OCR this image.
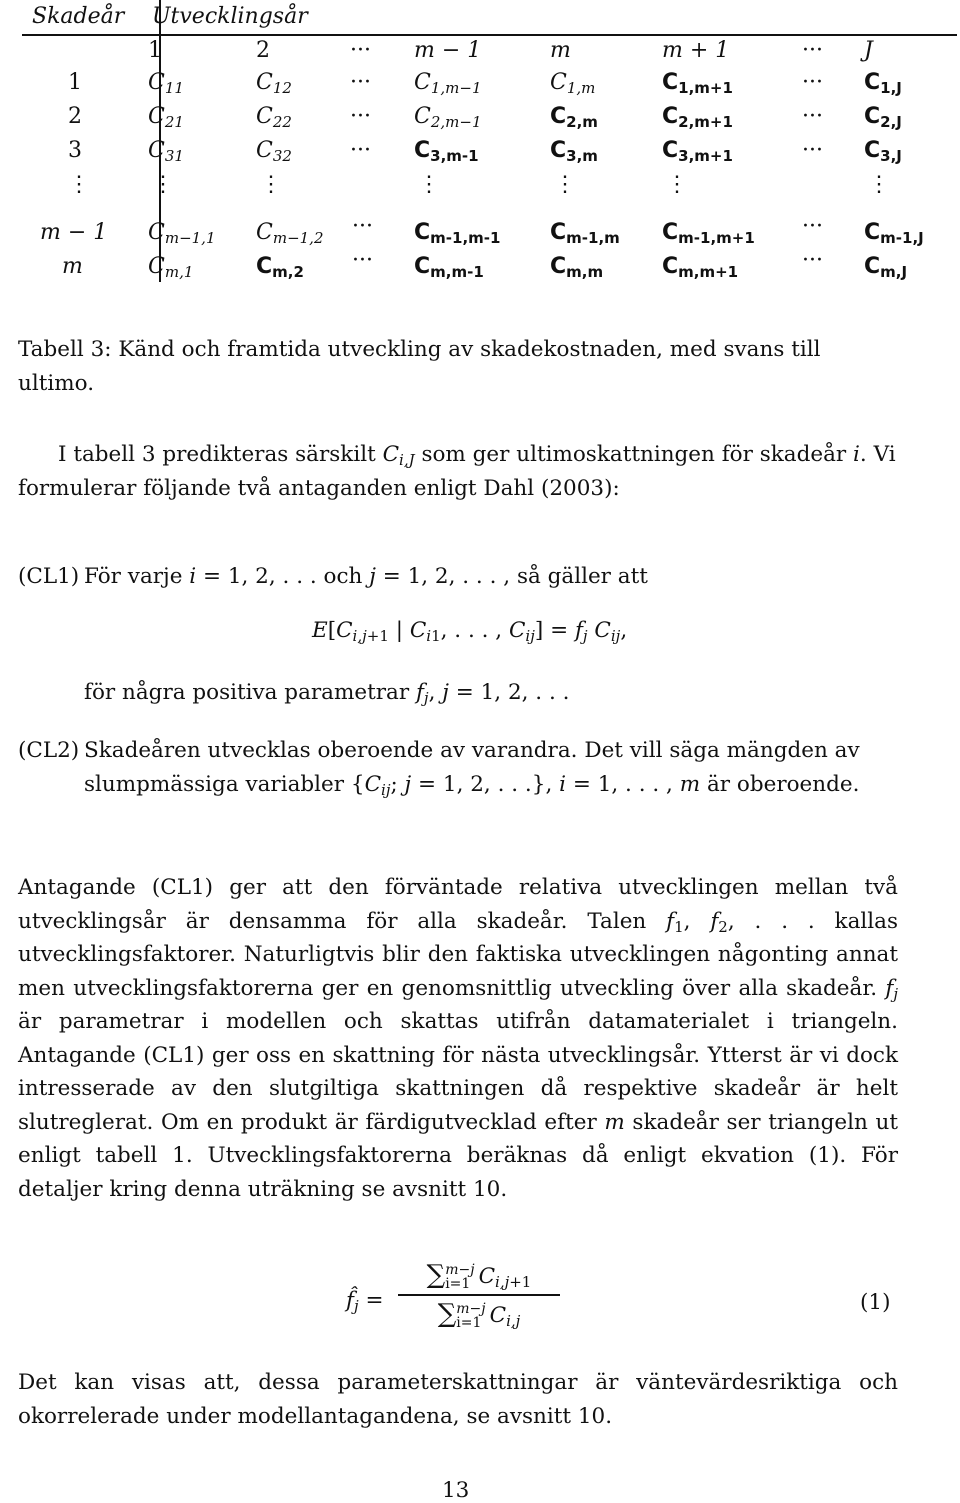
Skadeår Utvecklingsår
1	2	··· m − 1	m	m + 1	··· J
1	$C_{11}$	$C_{12}$	··· $C_{1,m-1}$	$C_{1,m}$	$C_{1,m+1}$	··· $C_{1,J}$
2	$C_{21}$	$C_{22}$	··· $C_{2,m-1}$	$C_{2,m}$	$C_{2,m+1}$	··· $C_{2,J}$
3	$C_{31}$	$C_{32}$	··· $C_{3,m-1}$	$C_{3,m}$	$C_{3,m+1}$	··· $C_{3,J}$
⋮	⋮	⋮	⋮	⋮	⋮	⋮
m − 1 $C_{m-1,1}$ $C_{m-1,2}$ ··· $C_{m-1,m-1}$ $C_{m-1,m}$ $C_{m-1,m+1}$ ··· $C_{m-1,J}$
m	$C_{m,1}$	$C_{m,2}$ ··· $C_{m,m-1}$	$C_{m,m}$	$C_{m,m+1}$	··· $C_{m,J}$
Tabell 3: Känd och framtida utveckling av skadekostnaden, med svans till ultimo.
I tabell 3 predikteras särskilt $C_{i,J}$ som ger ultimoskattningen för skadeår i. Vi formulerar följande två antaganden enligt Dahl (2003):
(CL1) För varje i = 1, 2, . . . och j = 1, 2, . . . , så gäller att
$E[C_{i,j+1}$ | $C_{i1}$, . . . , $C_{ij}] = f_j$ $C_{ij}$,
för några positiva parametrar $f_j$, j = 1, 2, . . .
(CL2) Skadeåren utvecklas oberoende av varandra. Det vill säga mängden av slumpmässiga variabler {$C_{ij}$; j = 1, 2, . . .}, i = 1, . . . , m är oberoende.
Antagande (CL1) ger att den förväntade relativa utvecklingen mellan två utvecklingsår är densamma för alla skadeår. Talen $f_1$, $f_2$, . . . kallas utvecklingsfaktorer. Naturligtvis blir den faktiska utvecklingen någonting annat men utvecklingsfaktorerna ger en genomsnittlig utveckling över alla skadeår. $f_j$ är parametrar i modellen och skattas utifrån datamaterialet i triangeln. Antagande (CL1) ger oss en skattning för nästa utvecklingsår. Ytterst är vi dock intresserade av den slutgiltiga skattningen då respektive skadeår är helt slutreglerat. Om en produkt är färdigutvecklad efter m skadeår ser triangeln ut enligt tabell 1. Utvecklingsfaktorerna beräknas då enligt ekvation (1). För detaljer kring denna uträkning se avsnitt 10.
$f̂_j$ =
∑m−j
i=1 $C_{i,j+1}$
∑m−j
i=1 $C_{i,j}$
(1)
Det kan visas att, dessa parameterskattningar är väntevärdesriktiga och okorrelerade under modellantagandena, se avsnitt 10.
13
